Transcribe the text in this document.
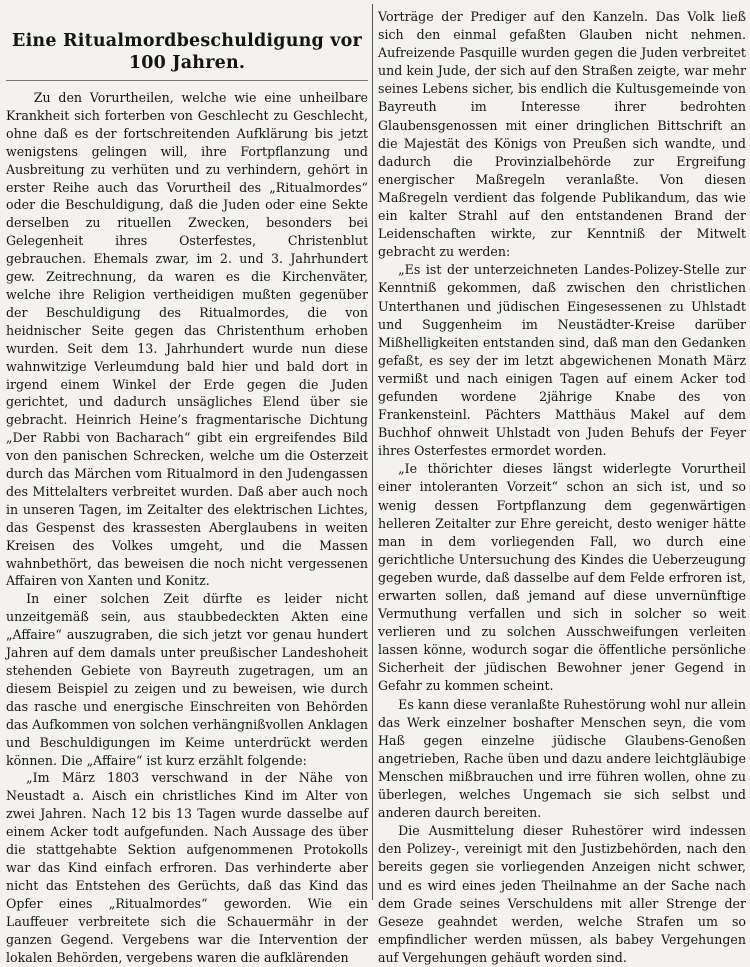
Eine Ritualmordbeschuldigung vor 100 Jahren.

Zu den Vorurtheilen, welche wie eine unheilbare Krankheit sich forterben von Geschlecht zu Geschlecht, ohne daß es der fortschreitenden Aufklärung bis jetzt wenigstens gelingen will, ihre Fortpflanzung und Ausbreitung zu verhüten und zu verhindern, gehört in erster Reihe auch das Vorurtheil des „Ritualmordes“ oder die Beschuldigung, daß die Juden oder eine Sekte derselben zu rituellen Zwecken, besonders bei Gelegenheit ihres Osterfestes, Christenblut gebrauchen. Ehemals zwar, im 2. und 3. Jahrhundert gew. Zeitrechnung, da waren es die Kirchenväter, welche ihre Religion vertheidigen mußten gegenüber der Beschuldigung des Ritualmordes, die von heidnischer Seite gegen das Christenthum erhoben wurden. Seit dem 13. Jahrhundert wurde nun diese wahnwitzige Verleumdung bald hier und bald dort in irgend einem Winkel der Erde gegen die Juden gerichtet, und dadurch unsägliches Elend über sie gebracht. Heinrich Heine’s fragmentarische Dichtung „Der Rabbi von Bacharach“ gibt ein ergreifendes Bild von den panischen Schrecken, welche um die Osterzeit durch das Märchen vom Ritualmord in den Judengassen des Mittelalters verbreitet wurden. Daß aber auch noch in unseren Tagen, im Zeitalter des elektrischen Lichtes, das Gespenst des krassesten Aberglaubens in weiten Kreisen des Volkes umgeht, und die Massen wahnbethört, das beweisen die noch nicht vergessenen Affairen von Xanten und Konitz.

In einer solchen Zeit dürfte es leider nicht unzeitgemäß sein, aus staubbedeckten Akten eine „Affaire“ auszugraben, die sich jetzt vor genau hundert Jahren auf dem damals unter preußischer Landeshoheit stehenden Gebiete von Bayreuth zugetragen, um an diesem Beispiel zu zeigen und zu beweisen, wie durch das rasche und energische Einschreiten von Behörden das Aufkommen von solchen verhängnißvollen Anklagen und Beschuldigungen im Keime unterdrückt werden können. Die „Affaire“ ist kurz erzählt folgende:

„Im März 1803 verschwand in der Nähe von Neustadt a. Aisch ein christliches Kind im Alter von zwei Jahren. Nach 12 bis 13 Tagen wurde dasselbe auf einem Acker todt aufgefunden. Nach Aussage des über die stattgehabte Sektion aufgenommenen Protokolls war das Kind einfach erfroren. Das verhinderte aber nicht das Entstehen des Gerüchts, daß das Kind das Opfer eines „Ritualmordes“ geworden. Wie ein Lauffeuer verbreitete sich die Schauermähr in der ganzen Gegend. Vergebens war die Intervention der lokalen Behörden, vergebens waren die aufklärenden

Vorträge der Prediger auf den Kanzeln. Das Volk ließ sich den einmal gefaßten Glauben nicht nehmen. Aufreizende Pasquille wurden gegen die Juden verbreitet und kein Jude, der sich auf den Straßen zeigte, war mehr seines Lebens sicher, bis endlich die Kultusgemeinde von Bayreuth im Interesse ihrer bedrohten Glaubensgenossen mit einer dringlichen Bittschrift an die Majestät des Königs von Preußen sich wandte, und dadurch die Provinzialbehörde zur Ergreifung energischer Maßregeln veranlaßte. Von diesen Maßregeln verdient das folgende Publikandum, das wie ein kalter Strahl auf den entstandenen Brand der Leidenschaften wirkte, zur Kenntniß der Mitwelt gebracht zu werden:

„Es ist der unterzeichneten Landes-Polizey-Stelle zur Kenntniß gekommen, daß zwischen den christlichen Unterthanen und jüdischen Eingesessenen zu Uhlstadt und Suggenheim im Neustädter-Kreise darüber Mißhelligkeiten entstanden sind, daß man den Gedanken gefaßt, es sey der im letzt abgewichenen Monath März vermißt und nach einigen Tagen auf einem Acker tod gefunden wordene 2jährige Knabe des von Frankensteinl. Pächters Matthäus Makel auf dem Buchhof ohnweit Uhlstadt von Juden Behufs der Feyer ihres Osterfestes ermordet worden.

„Ie thörichter dieses längst widerlegte Vorurtheil einer intoleranten Vorzeit“ schon an sich ist, und so wenig dessen Fortpflanzung dem gegenwärtigen helleren Zeitalter zur Ehre gereicht, desto weniger hätte man in dem vorliegenden Fall, wo durch eine gerichtliche Untersuchung des Kindes die Ueberzeugung gegeben wurde, daß dasselbe auf dem Felde erfroren ist, erwarten sollen, daß jemand auf diese unvernünftige Vermuthung verfallen und sich in solcher so weit verlieren und zu solchen Ausschweifungen verleiten lassen könne, wodurch sogar die öffentliche persönliche Sicherheit der jüdischen Bewohner jener Gegend in Gefahr zu kommen scheint.

Es kann diese veranlaßte Ruhestörung wohl nur allein das Werk einzelner boshafter Menschen seyn, die vom Haß gegen einzelne jüdische Glaubens-Genoßen angetrieben, Rache üben und dazu andere leichtgläubige Menschen mißbrauchen und irre führen wollen, ohne zu überlegen, welches Ungemach sie sich selbst und anderen daurch bereiten.

Die Ausmittelung dieser Ruhestörer wird indessen den Polizey-, vereinigt mit den Justizbehörden, nach den bereits gegen sie vorliegenden Anzeigen nicht schwer, und es wird eines jeden Theilnahme an der Sache nach dem Grade seines Verschuldens mit aller Strenge der Geseze geahndet werden, welche Strafen um so empfindlicher werden müssen, als babey Vergehungen auf Vergehungen gehäuft worden sind.
